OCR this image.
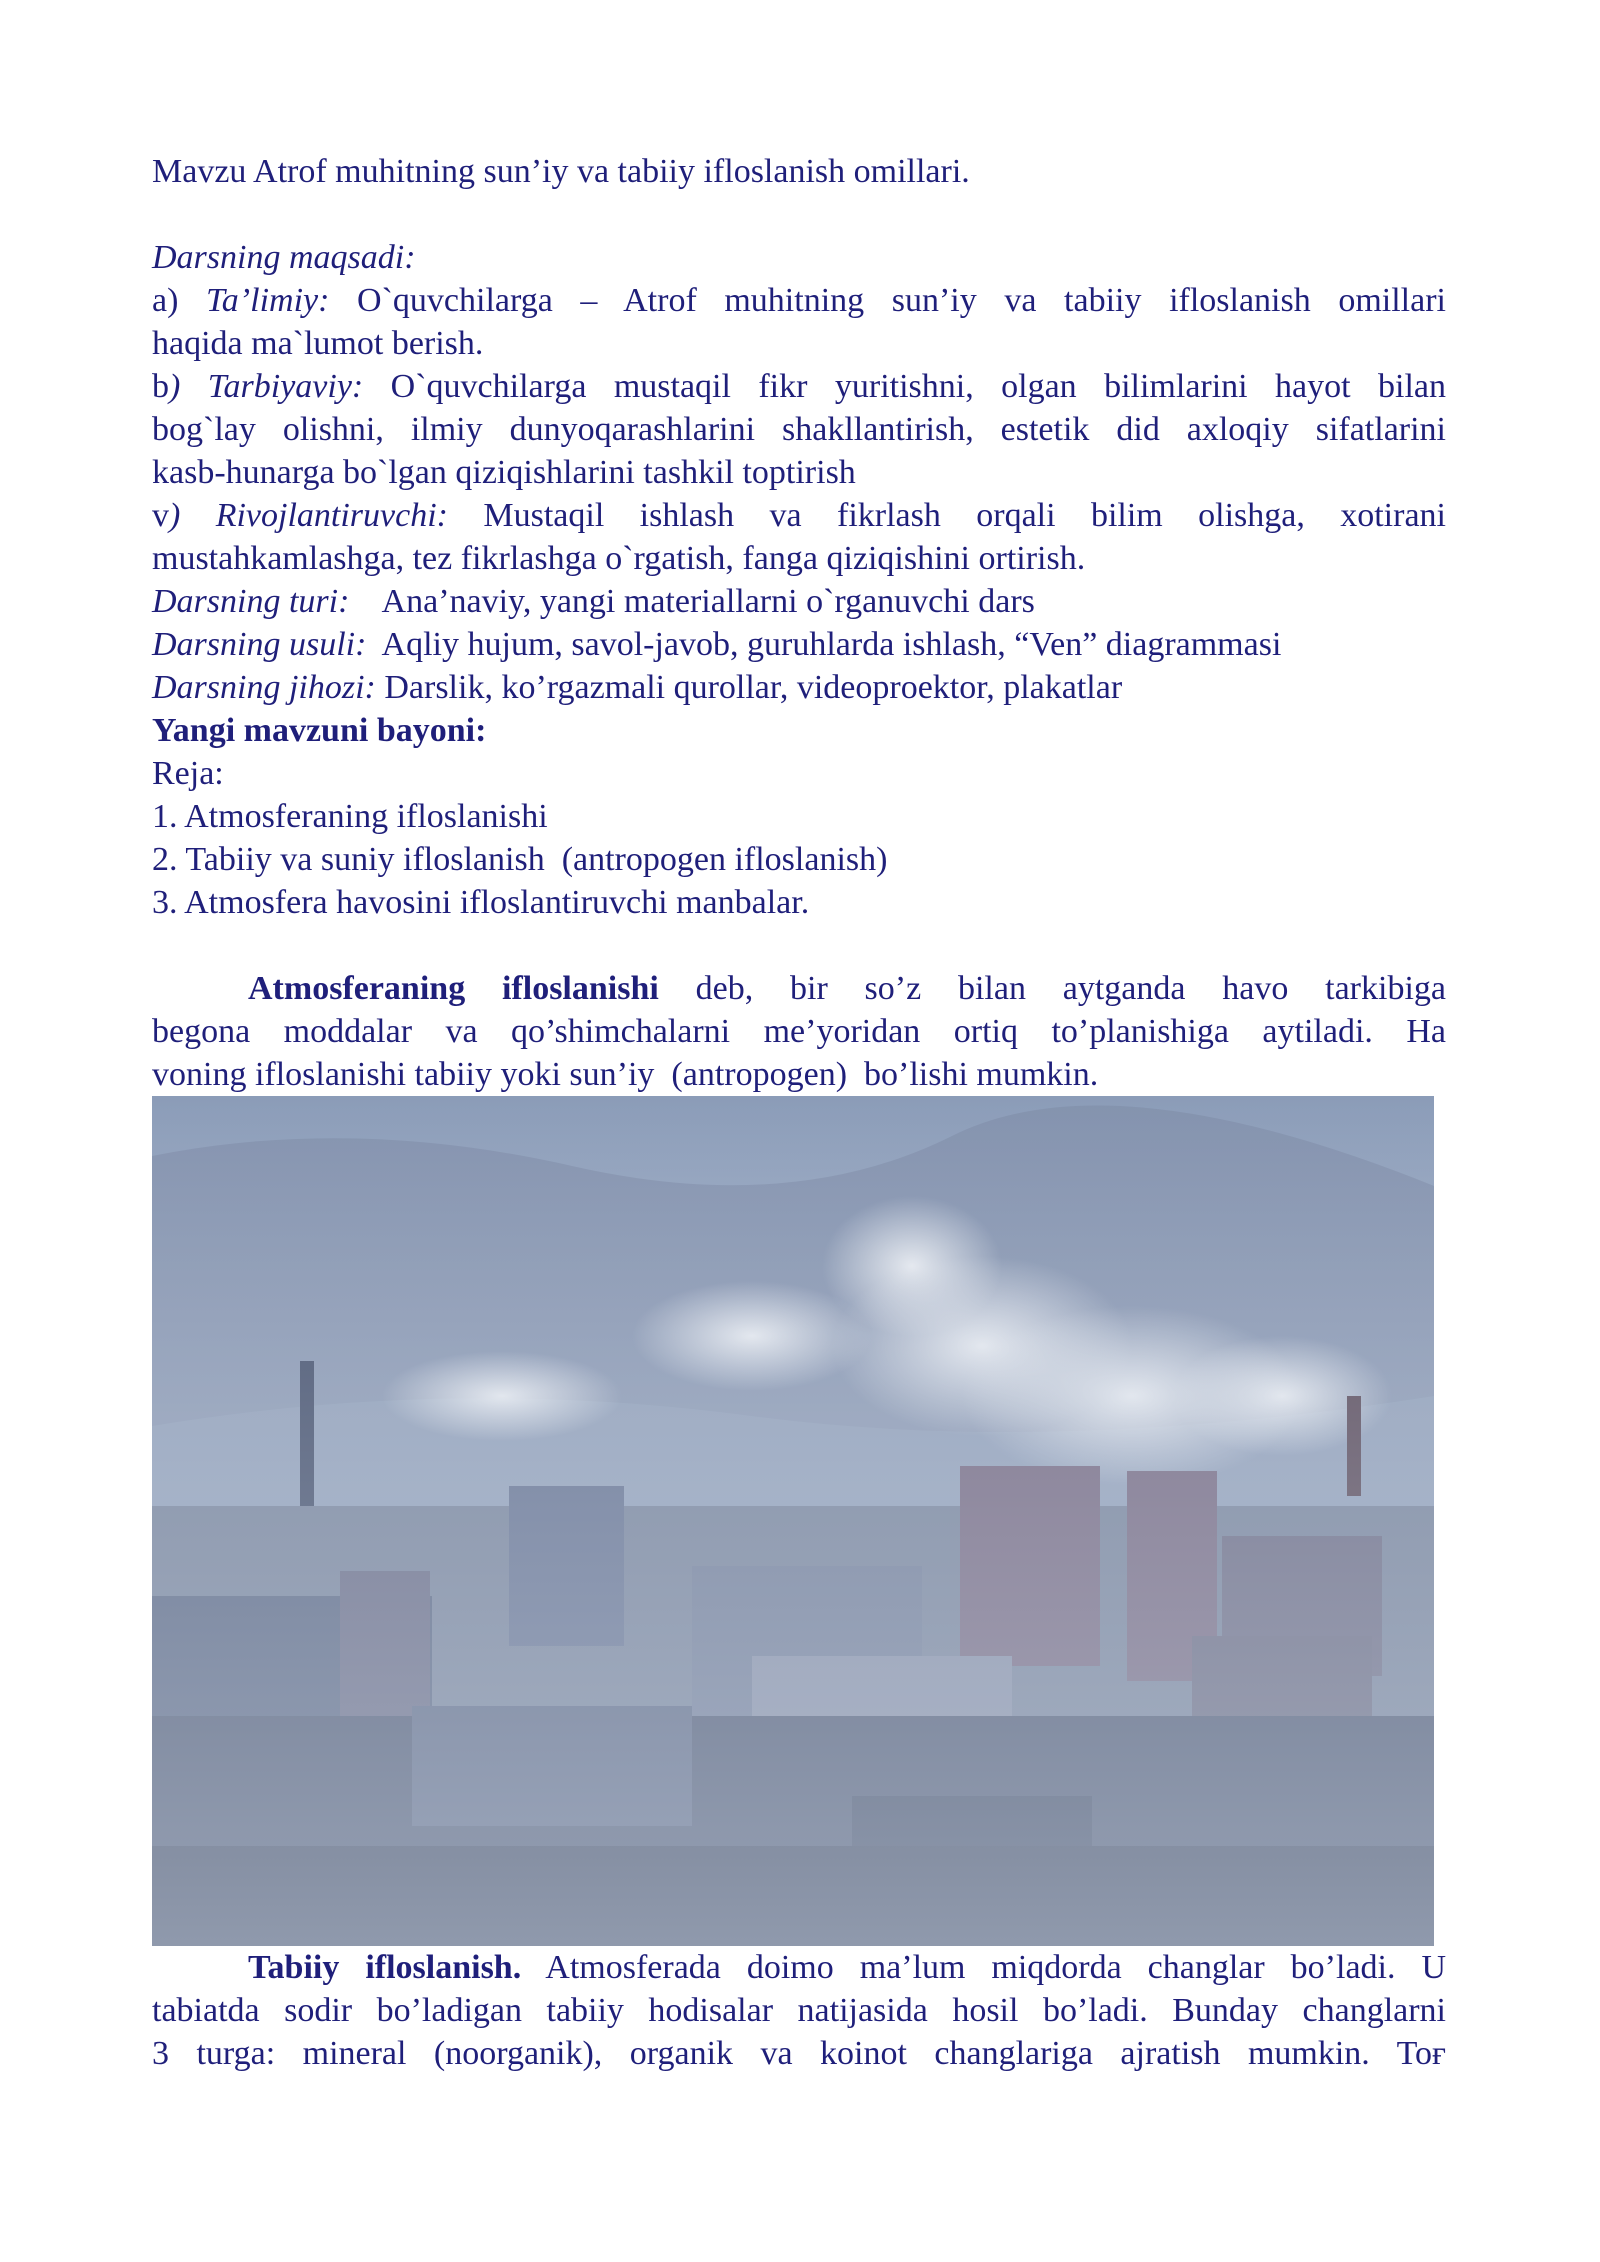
Mavzu Atrof muhitning sun’iy va tabiiy ifloslanish omillari.
Darsning maqsadi:
a) Ta’limiy: O`quvchilarga – Atrof muhitning sun’iy va tabiiy ifloslanish omillari
haqida ma`lumot berish.
b) Tarbiyaviy: O`quvchilarga mustaqil fikr yuritishni, olgan bilimlarini hayot bilan
bog`lay olishni, ilmiy dunyoqarashlarini shakllantirish, estetik did axloqiy sifatlarini
kasb-hunarga bo`lgan qiziqishlarini tashkil toptirish
v) Rivojlantiruvchi: Mustaqil ishlash va fikrlash orqali bilim olishga, xotirani
mustahkamlashga, tez fikrlashga o`rgatish, fanga qiziqishini ortirish.
Darsning turi:    Ana’naviy, yangi materiallarni o`rganuvchi dars
Darsning usuli:  Aqliy hujum, savol-javob, guruhlarda ishlash, “Ven” diagrammasi
Darsning jihozi: Darslik, ko’rgazmali qurollar, videoproektor, plakatlar
Yangi mavzuni bayoni:
Reja:
1. Atmosferaning ifloslanishi
2. Tabiiy va suniy ifloslanish  (antropogen ifloslanish)
3. Atmosfera havosini ifloslantiruvchi manbalar.
Atmosferaning ifloslanishi deb, bir so’z bilan aytganda havo tarkibiga
begona moddalar va qo’shimchalarni me’yoridan ortiq to’planishiga aytiladi. Ha
voning ifloslanishi tabiiy yoki sun’iy  (antropogen)  bo’lishi mumkin.
Tabiiy ifloslanish. Atmosferada doimo ma’lum miqdorda changlar bo’ladi. U
tabiatda sodir bo’ladigan tabiiy hodisalar natijasida hosil bo’ladi. Bunday changlarni
3 turga: mineral (noorganik), organik va koinot changlariga ajratish mumkin. Toғ
